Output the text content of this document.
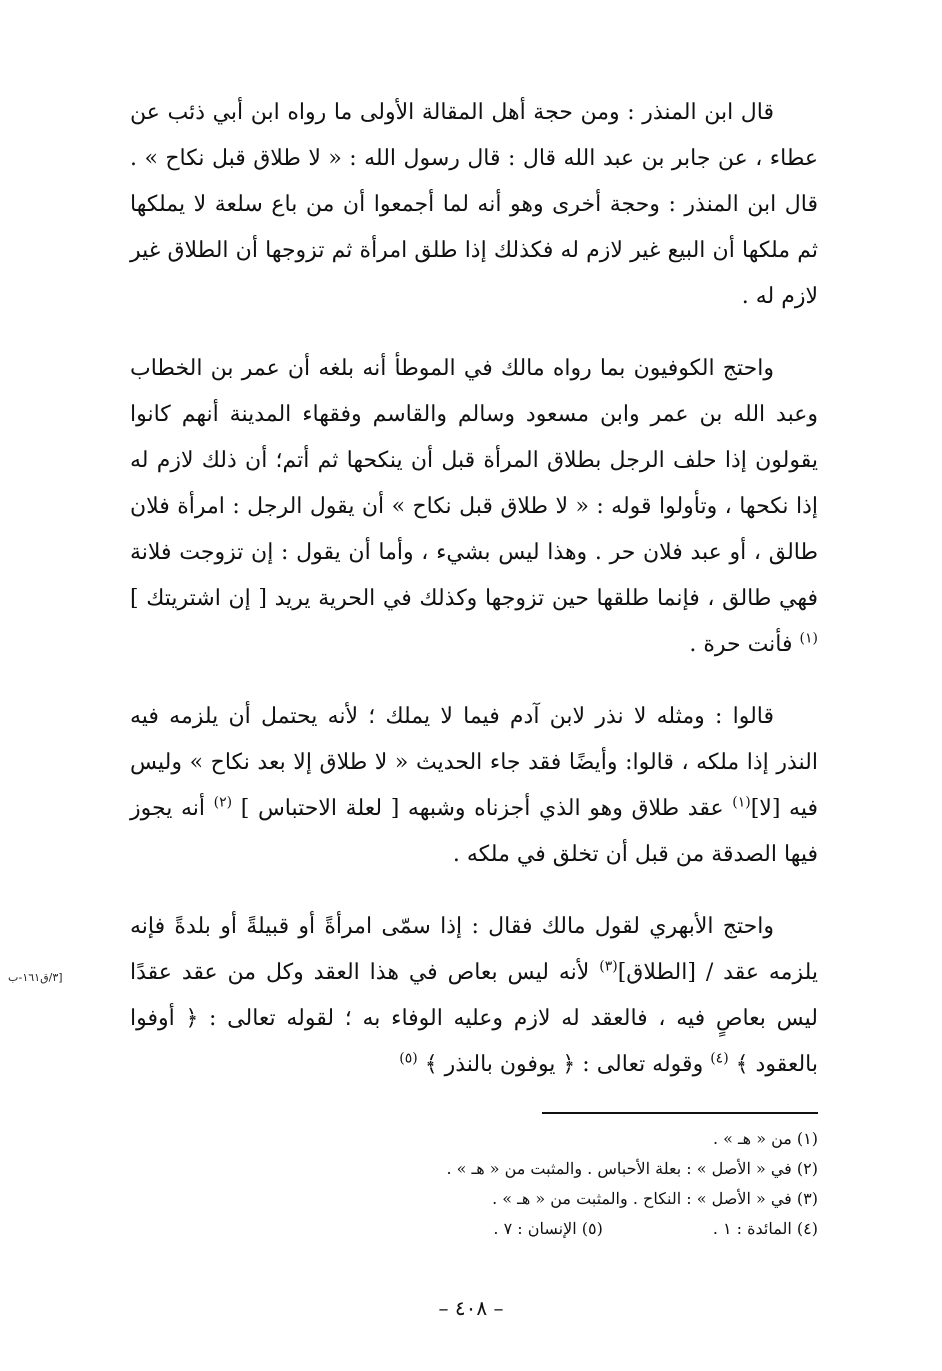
قال ابن المنذر : ومن حجة أهل المقالة الأولى ما رواه ابن أبي ذئب عن عطاء ، عن جابر بن عبد الله قال : قال رسول الله : « لا طلاق قبل نكاح » . قال ابن المنذر : وحجة أخرى وهو أنه لما أجمعوا أن من باع سلعة لا يملكها ثم ملكها أن البيع غير لازم له فكذلك إذا طلق امرأة ثم تزوجها أن الطلاق غير لازم له .

واحتج الكوفيون بما رواه مالك في الموطأ أنه بلغه أن عمر بن الخطاب وعبد الله بن عمر وابن مسعود وسالم والقاسم وفقهاء المدينة أنهم كانوا يقولون إذا حلف الرجل بطلاق المرأة قبل أن ينكحها ثم أتم؛ أن ذلك لازم له إذا نكحها ، وتأولوا قوله : « لا طلاق قبل نكاح » أن يقول الرجل : امرأة فلان طالق ، أو عبد فلان حر . وهذا ليس بشيء ، وأما أن يقول : إن تزوجت فلانة فهي طالق ، فإنما طلقها حين تزوجها وكذلك في الحرية يريد [ إن اشتريتك ] $^{(١)}$ فأنت حرة .

قالوا : ومثله لا نذر لابن آدم فيما لا يملك ؛ لأنه يحتمل أن يلزمه فيه النذر إذا ملكه ، قالوا: وأيضًا فقد جاء الحديث « لا طلاق إلا بعد نكاح » وليس فيه [لا]$^{(١)}$ عقد طلاق وهو الذي أجزناه وشبهه [ لعلة الاحتباس ] $^{(٢)}$ أنه يجوز فيها الصدقة من قبل أن تخلق في ملكه .

واحتج الأبهري لقول مالك فقال : إذا سمّى امرأةً أو قبيلةً أو بلدةً فإنه يلزمه عقد / [الطلاق]$^{(٣)}$ لأنه ليس بعاص في هذا العقد وكل من عقد عقدًا ليس بعاصٍ فيه ، فالعقد له لازم وعليه الوفاء به ؛ لقوله تعالى : ﴿ أوفوا بالعقود ﴾ $^{(٤)}$ وقوله تعالى : ﴿ يوفون بالنذر ﴾ $^{(٥)}$

[٣/ق١٦١-ب
(١) من « هـ » .
(٢) في « الأصل » : بعلة الأحباس . والمثبت من « هـ » .
(٣) في « الأصل » : النكاح . والمثبت من « هـ » .
(٤) المائدة : ١ .
(٥) الإنسان : ٧ .
– ٤٠٨ –
